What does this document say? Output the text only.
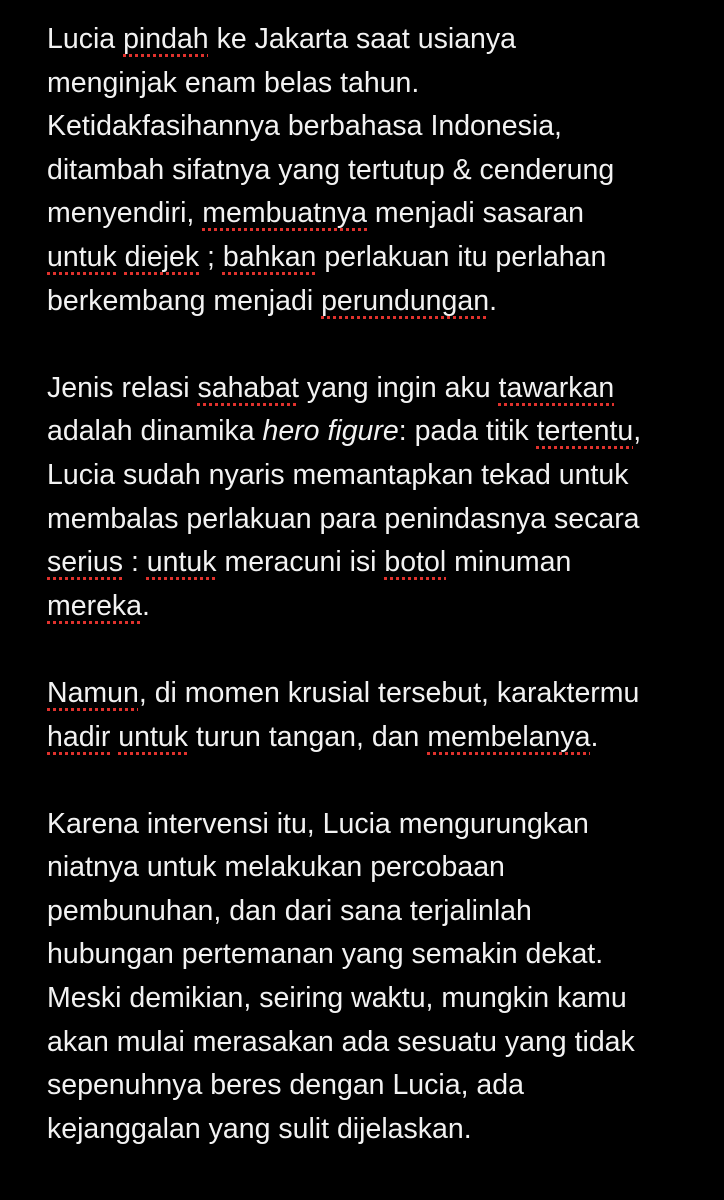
Lucia pindah ke Jakarta saat usianya
menginjak enam belas tahun.
Ketidakfasihannya berbahasa Indonesia,
ditambah sifatnya yang tertutup & cenderung
menyendiri, membuatnya menjadi sasaran
untuk diejek ; bahkan perlakuan itu perlahan
berkembang menjadi perundungan.
Jenis relasi sahabat yang ingin aku tawarkan
adalah dinamika hero figure: pada titik tertentu,
Lucia sudah nyaris memantapkan tekad untuk
membalas perlakuan para penindasnya secara
serius : untuk meracuni isi botol minuman
mereka.
Namun, di momen krusial tersebut, karaktermu
hadir untuk turun tangan, dan membelanya.
Karena intervensi itu, Lucia mengurungkan
niatnya untuk melakukan percobaan
pembunuhan, dan dari sana terjalinlah
hubungan pertemanan yang semakin dekat.
Meski demikian, seiring waktu, mungkin kamu
akan mulai merasakan ada sesuatu yang tidak
sepenuhnya beres dengan Lucia, ada
kejanggalan yang sulit dijelaskan.
